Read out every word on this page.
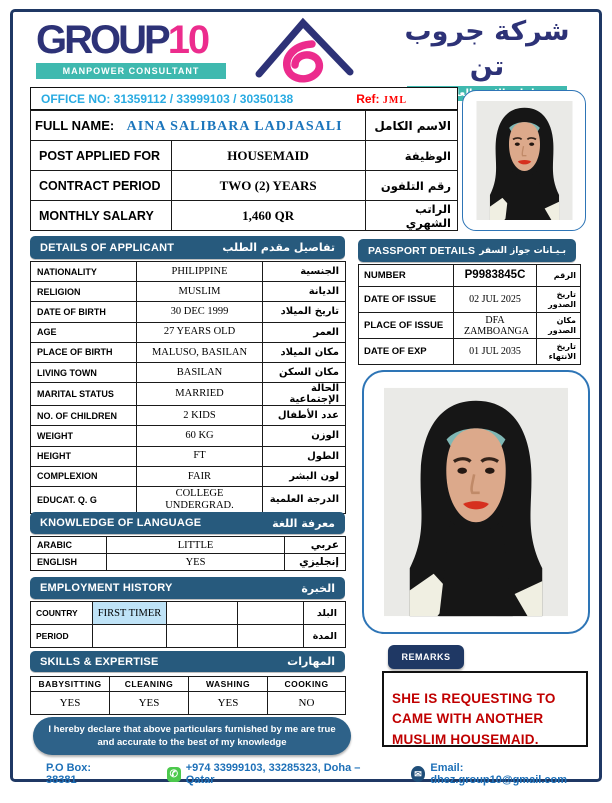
GROUP10
MANPOWER CONSULTANT
شركة جروب تن
OFFICE NO: 31359112 / 33999103 / 30350138	Ref: JML
FULL NAME: AINA SALIBARA LADJASALI		الاسم الكامل
POST APPLIED FOR	HOUSEMAID	الوظيفة
CONTRACT PERIOD	TWO (2) YEARS	رقم التلفون
MONTHLY SALARY	1,460 QR	الراتب الشهري
DETAILS OF APPLICANT	تفاصيل مقدم الطلب
NATIONALITY	PHILIPPINE	الجنسية
RELIGION	MUSLIM	الديانة
DATE OF BIRTH	30 DEC 1999	تاريخ الميلاد
AGE	27 YEARS OLD	العمر
PLACE OF BIRTH	MALUSO, BASILAN	مكان الميلاد
LIVING TOWN	BASILAN	مكان السكن
MARITAL STATUS	MARRIED	الحالة الإجتماعية
NO. OF CHILDREN	2 KIDS	عدد الأطفال
WEIGHT	60 KG	الوزن
HEIGHT	FT	الطول
COMPLEXION	FAIR	لون البشر
EDUCAT. Q. G	COLLEGE UNDERGRAD.	الدرجة العلمية
KNOWLEDGE OF LANGUAGE	معرفة اللغة
ARABIC	LITTLE	عربي
ENGLISH	YES	إنجليزي
EMPLOYMENT HISTORY	الخبرة
COUNTRY	FIRST TIMER			البلد
PERIOD				المدة
SKILLS & EXPERTISE	المهارات
BABYSITTING	CLEANING	WASHING	COOKING
YES	YES	YES	NO
I hereby declare that above particulars furnished by me are true and accurate to the best of my knowledge
PASSPORT DETAILS بـيـانات جواز السفر
NUMBER	P9983845C	الرقم
DATE OF ISSUE	02 JUL 2025	تاريخ الصدور
PLACE OF ISSUE	DFA ZAMBOANGA	مكان الصدور
DATE OF EXP	01 JUL 2035	تاريخ الانتهاء
REMARKS
SHE IS REQUESTING TO CAME WITH ANOTHER MUSLIM HOUSEMAID.
P.O Box: 38381	✆ +974 33999103, 33285323, Doha – Qatar
✉ Email: dhez.group10@gmail.com
